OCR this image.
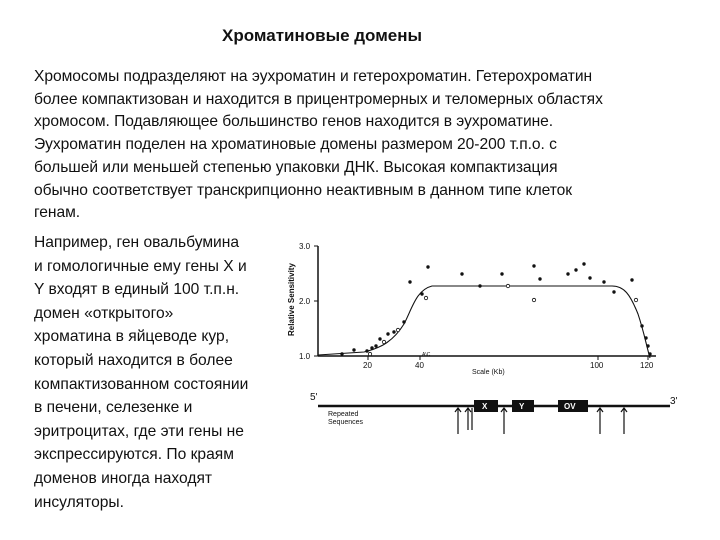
Хроматиновые домены
Хромосомы подразделяют на эухроматин и гетерохроматин. Гетерохроматин
более компактизован и находится в прицентромерных и теломерных областях
хромосом. Подавляющее большинство генов находится в эухроматине.
Эухроматин поделен на хроматиновые домены размером 20-200 т.п.о. с
большей или меньшей степенью упаковки ДНК. Высокая компактизация
обычно соответствует транскрипционно неактивным в данном типе клеток
генам.
Например, ген овальбумина
и гомологичные ему гены X и
Y входят в единый 100 т.п.н.
домен «открытого»
хроматина в яйцеводе кур,
который находится в более
компактизованном состоянии
в печени, селезенке и
эритроцитах, где эти гены не
экспрессируются. По краям
доменов иногда находят
инсуляторы.
Relative Sensitivity
3.0
2.0
1.0
20	40	100	120
Scale (Kb)
A\C
5'	3'
Repeated
Sequences
X	Y	OV
